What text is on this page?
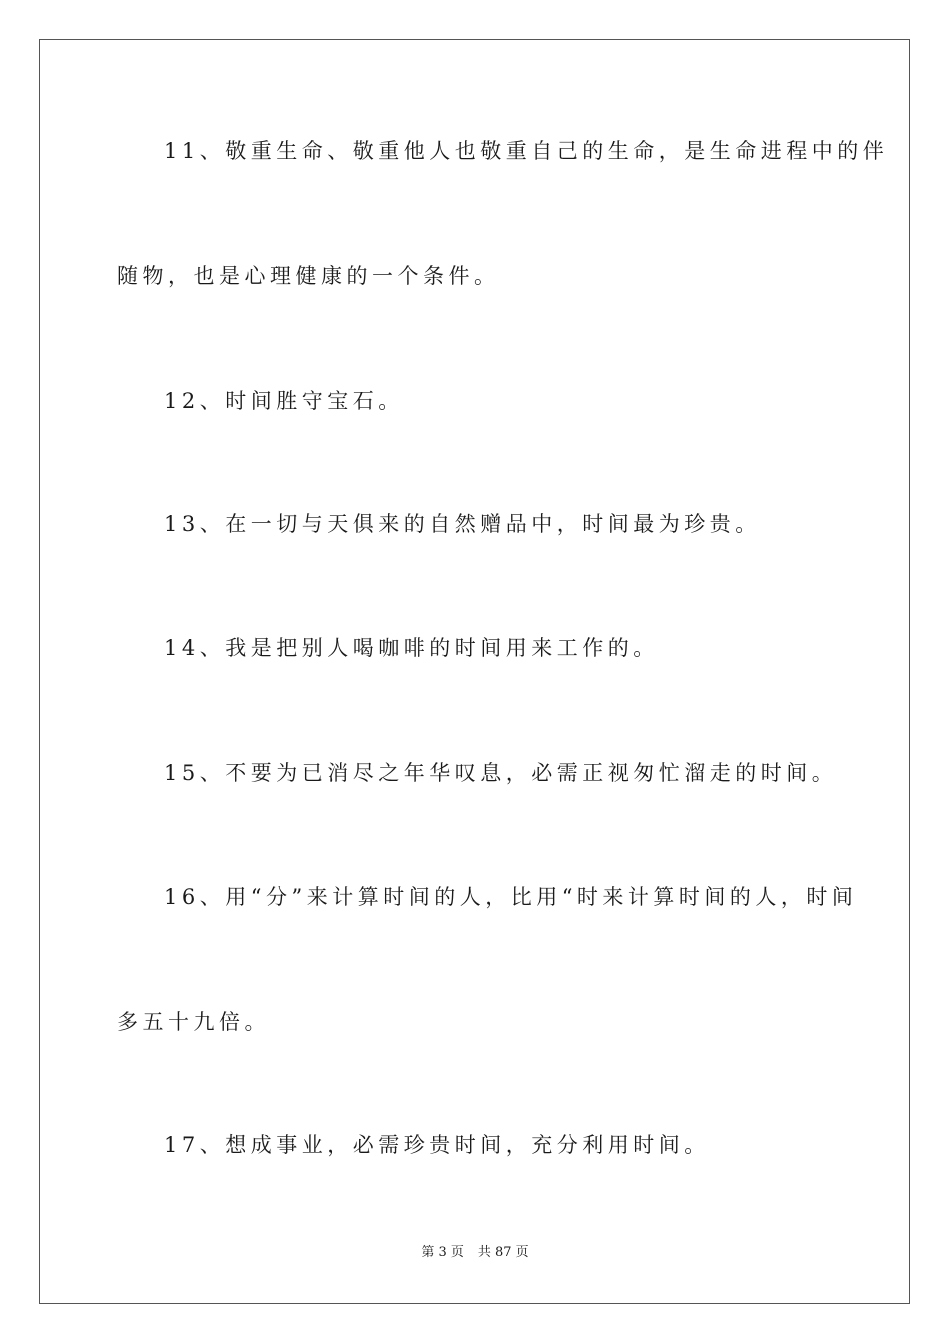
11、敬重生命、敬重他人也敬重自己的生命，是生命进程中的伴
随物，也是心理健康的一个条件。
12、时间胜守宝石。
13、在一切与天俱来的自然赠品中，时间最为珍贵。
14、我是把别人喝咖啡的时间用来工作的。
15、不要为已消尽之年华叹息，必需正视匆忙溜走的时间。
16、用“分”来计算时间的人，比用“时来计算时间的人，时间
多五十九倍。
17、想成事业，必需珍贵时间，充分利用时间。
第 3 页 共 87 页
